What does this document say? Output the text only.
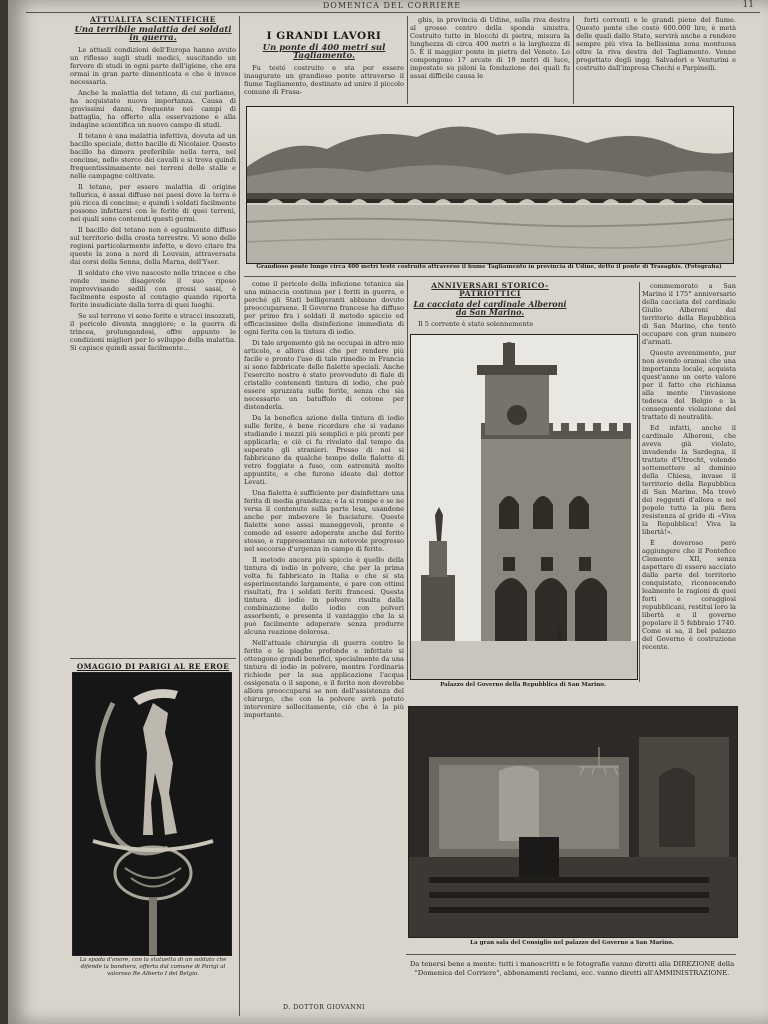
DOMENICA DEL CORRIERE	11
ATTUALITÀ SCIENTIFICHE
Una terribile malattia dei soldati in guerra.

Le attuali condizioni dell'Europa hanno avuto un riflesso sugli studi medici, suscitando un fervore di studi in ogni parte dell'igiene, che era ormai in gran parte dimenticata e che è invece necessaria.

Anche la malattia del tetano, di cui parliamo, ha acquistato nuova importanza. Causa di gravissimi danni, frequente nei campi di battaglia, ha offerto alla osservazione e alla indagine scientifica un nuovo campo di studi.

Il tetano è una malattia infettiva, dovuta ad un bacillo speciale, detto bacillo di Nicolaier. Questo bacillo ha dimora preferibile nella terra, nel concime, nello sterco dei cavalli e si trova quindi frequentissimamente nei terreni delle stalle e nelle campagne coltivate.

Il tetano, per essere malattia di origine tellurica, è assai diffuso nei paesi dove la terra è più ricca di concime; e quindi i soldati facilmente possono infettarsi con le ferite di quei terreni, nei quali sono contenuti questi germi.

Il bacillo del tetano non è egualmente diffuso sul territorio della crosta terrestre. Vi sono delle regioni particolarmente infette, e devo citare fra queste la zona a nord di Louvain, attraversata dai corsi della Senna, della Marna, dell'Yser.

Il soldato che vive nascosto nelle trincee e che rende meno disagevole il suo riposo improvvisando sedili con grossi sassi, è facilmente esposto al contagio quando riporta ferite insudiciate dalla terra di quei luoghi.

Se sul terreno vi sono ferite e stracci insozzati, il pericolo diventa maggiore; e la guerra di trincea, prolungandosi, offre appunto le condizioni migliori per lo sviluppo della malattia. Si capisce quindi assai facilmente...

OMAGGIO DI PARIGI AL RE EROE
La spada d'onore, con la statuetta di un soldato che difende la bandiera, offerta dal comune di Parigi al valoroso Re Alberto I del Belgio.
I GRANDI LAVORI
Un ponte di 400 metri sul Tagliamento.

Fu testé costruito e sta per essere inaugurato un grandioso ponte attraverso il fiume Tagliamento, destinato ad unire il piccolo comune di Frasa-

ghis, in provincia di Udine, sulla riva destra al grosso centro della sponda sinistra. Costruito tutto in blocchi di pietra, misura la lunghezza di circa 400 metri e la larghezza di 5. È il maggior ponte in pietra del Veneto. Lo compongono 17 arcate di 19 metri di luce, impostate su piloni la fondazione dei quali fu assai difficile causa le

forti correnti e le grandi piene del fiume. Questo ponte che costò 600.000 lire, è metà delle quali dallo Stato, servirà anche a rendere sempre più viva la bellissima zona montuosa oltre la riva destra del Tagliamento. Venne progettato degli ingg. Salvadori e Venturini e costruito dall'impresa Chechi e Parpinelli.

Grandioso ponte lungo circa 400 metri testé costruito attraverso il fiume Tagliamento in provincia di Udine, detto il ponte di Trasaghis. (Fotografia)

come il pericolo della infezione tetanica sia una minaccia continua per i feriti in guerra, e perché gli Stati belligeranti abbiano dovuto preoccuparsene. Il Governo francese ha diffuso per primo fra i soldati il metodo spiccio ed efficacissimo della disinfezione immediata di ogni ferita con la tintura di iodio.

Di tale argomento già ne occupai in altro mio articolo, e allora dissi che per rendere più facile e pronto l'uso di tale rimedio in Francia si sono fabbricate delle fialette speciali. Anche l'esercito nostro è stato provveduto di fiale di cristallo contenenti tintura di iodio, che può essere spruzzata sulle ferite, senza che sia necessario un batuffolo di cotone per distenderla.

Da la benefica azione della tintura di iodio sulle ferite, è bene ricordare che si vadano studiando i mezzi più semplici e più pronti per applicarla; e ciò ci fu rivelato dal tempo da superato gli stranieri. Presso di noi si fabbricano da qualche tempo delle fialette di vetro foggiate a fuso, con estremità molto appuntite, e che furono ideate dal dottor Levati.

Una fialetta è sufficiente per disinfettare una ferita di media grandezza; e la si rompe e se ne versa il contenuto sulla parte lesa, usandone anche per imbevere le fasciature. Queste fialette sono assai maneggevoli, pronte e comode ad essere adoperate anche dal ferito stesso, e rappresentano un notevole progresso nel soccorso d'urgenza in campo di ferite.

Il metodo ancora più spiccio è quello della tintura di iodio in polvere, che per la prima volta fu fabbricato in Italia e che si sta esperimentando largamente, e pare con ottimi risultati, fra i soldati feriti francesi. Questa tintura di iodio in polvere risulta dalla combinazione dello iodio con polveri assorbenti, e presenta il vantaggio che la si può facilmente adoperare senza produrre alcuna reazione dolorosa.

Nell'attuale chirurgia di guerra contro le ferite e le piaghe profonde e infettate si ottengono grandi benefici, specialmente da una tintura di iodio in polvere, mentre l'ordinaria richiede per la sua applicazione l'acqua ossigenata o il sapone, e il ferito non dovrebbe allora preoccuparsi se non dell'assistenza del chirurgo, che con la polvere avrà potuto intervenire sollecitamente, ciò che è la più importante.

D. DOTTOR GIOVANNI
ANNIVERSARI STORICO-PATRIOTTICI
La cacciata del cardinale Alberoni da San Marino.

Il 5 corrente è stato solennemente

Palazzo del Governo della Repubblica di San Marino.

commemorato a San Marino il 175° anniversario della cacciata del cardinale Giulio Alberoni dal territorio della Repubblica di San Marino, che tentò occupare con gran numero d'armati.

Questo avvenimento, pur non avendo oramai che una importanza locale, acquista quest'anno un certo valore per il fatto che richiama alla mente l'invasione tedesca del Belgio e la conseguente violazione del trattato di neutralità.

Ed infatti, anche il cardinale Alberoni, che aveva già violato, invadendo la Sardegna, il trattato d'Utrecht, volendo sottomettere al dominio della Chiesa, invase il territorio della Repubblica di San Marino. Ma trovò dei reggenti d'allora e nel popolo tutto la più fiera resistenza al grido di «Viva la Repubblica! Viva la libertà!».

È doveroso però aggiungere che il Pontefice Clemente XII, senza aspettare di essere sacciato dalla parte del territorio conquistato, riconoscendo lealmente le ragioni di quei forti e coraggiosi repubblicani, restituì loro la libertà e il governo popolare il 5 febbraio 1740. Come si sa, il bel palazzo del Governo è costruzione recente.

La gran sala del Consiglio nel palazzo del Governo a San Marino.
Da tenersi bene a mente: tutti i manoscritti e le fotografie vanno diretti alla DIREZIONE della "Domenica del Corriere", abbonamenti reclami, ecc. vanno diretti all'AMMINISTRAZIONE.
